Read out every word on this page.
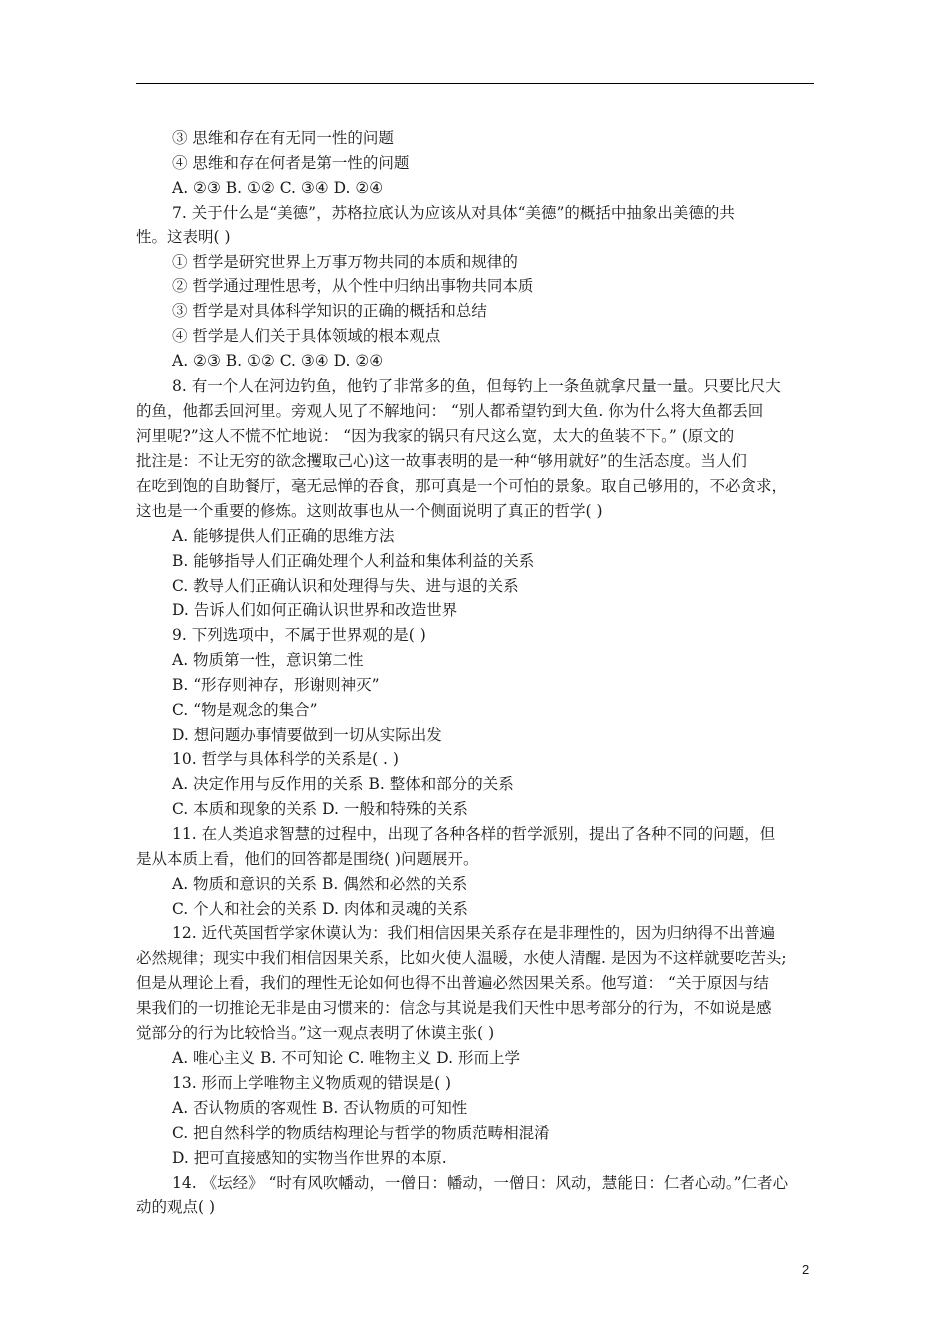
③ 思维和存在有无同一性的问题
④ 思维和存在何者是第一性的问题
A. ②③ B. ①② C. ③④ D. ②④
7. 关于什么是“美德”，苏格拉底认为应该从对具体“美德”的概括中抽象出美德的共
性。这表明( )
① 哲学是研究世界上万事万物共同的本质和规律的
② 哲学通过理性思考，从个性中归纳出事物共同本质
③ 哲学是对具体科学知识的正确的概括和总结
④ 哲学是人们关于具体领域的根本观点
A. ②③ B. ①② C. ③④ D. ②④
8. 有一个人在河边钓鱼，他钓了非常多的鱼，但每钓上一条鱼就拿尺量一量。只要比尺大
的鱼，他都丢回河里。旁观人见了不解地问： “别人都希望钓到大鱼. 你为什么将大鱼都丢回
河里呢?”这人不慌不忙地说： “因为我家的锅只有尺这么宽，太大的鱼装不下。” (原文的
批注是：不让无穷的欲念攫取己心)这一故事表明的是一种“够用就好”的生活态度。当人们
在吃到饱的自助餐厅，毫无忌惮的吞食，那可真是一个可怕的景象。取自己够用的，不必贪求，
这也是一个重要的修炼。这则故事也从一个侧面说明了真正的哲学( )
A. 能够提供人们正确的思维方法
B. 能够指导人们正确处理个人利益和集体利益的关系
C. 教导人们正确认识和处理得与失、进与退的关系
D. 告诉人们如何正确认识世界和改造世界
9. 下列选项中，不属于世界观的是( )
A. 物质第一性，意识第二性
B. “形存则神存，形谢则神灭”
C. “物是观念的集合”
D. 想问题办事情要做到一切从实际出发
10. 哲学与具体科学的关系是( . )
A. 决定作用与反作用的关系 B. 整体和部分的关系
C. 本质和现象的关系 D. 一般和特殊的关系
11. 在人类追求智慧的过程中，出现了各种各样的哲学派别，提出了各种不同的问题，但
是从本质上看，他们的回答都是围绕( )问题展开。
A. 物质和意识的关系 B. 偶然和必然的关系
C. 个人和社会的关系 D. 肉体和灵魂的关系
12. 近代英国哲学家休谟认为：我们相信因果关系存在是非理性的，因为归纳得不出普遍
必然规律；现实中我们相信因果关系，比如火使人温暖，水使人清醒. 是因为不这样就要吃苦头;
但是从理论上看，我们的理性无论如何也得不出普遍必然因果关系。他写道： “关于原因与结
果我们的一切推论无非是由习惯来的：信念与其说是我们天性中思考部分的行为，不如说是感
觉部分的行为比较恰当。”这一观点表明了休谟主张( )
A. 唯心主义 B. 不可知论 C. 唯物主义 D. 形而上学
13. 形而上学唯物主义物质观的错误是( )
A. 否认物质的客观性 B. 否认物质的可知性
C. 把自然科学的物质结构理论与哲学的物质范畴相混淆
D. 把可直接感知的实物当作世界的本原.
14. 《坛经》 “时有风吹幡动，一僧日：幡动，一僧日：风动，慧能日：仁者心动。”仁者心
动的观点( )
2
